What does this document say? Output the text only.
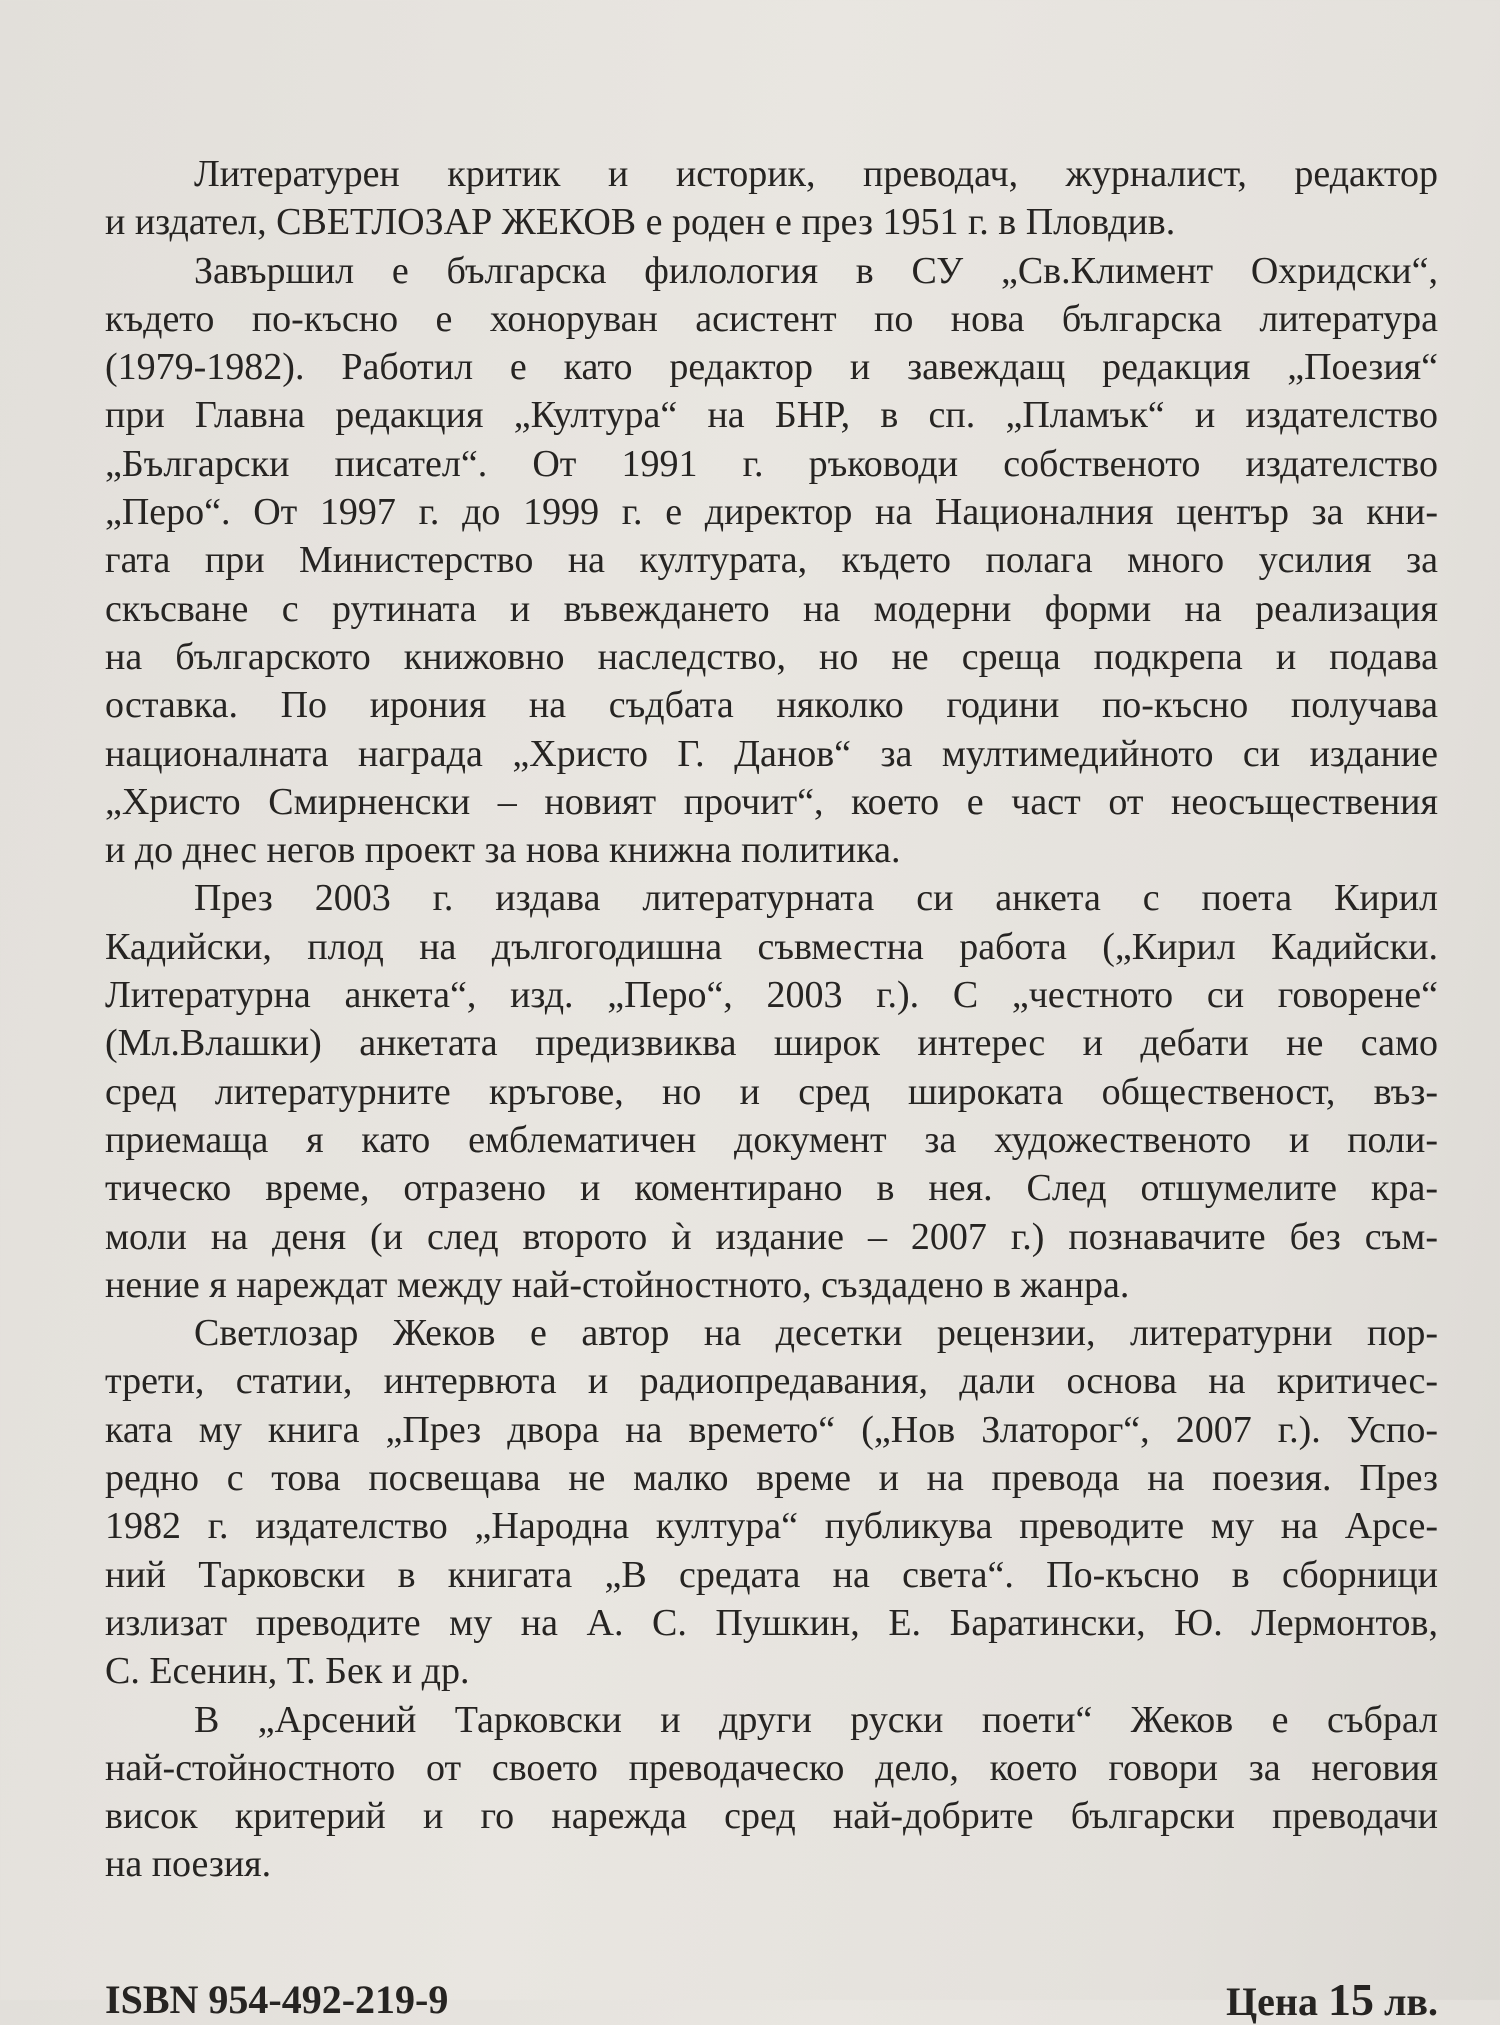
Литературен критик и историк, преводач, журналист, редактор
и издател, СВЕТЛОЗАР ЖЕКОВ е роден е през 1951 г. в Пловдив.
Завършил е българска филология в СУ „Св.Климент Охридски“,
където по-късно е хоноруван асистент по нова българска литература
(1979-1982). Работил е като редактор и завеждащ редакция „Поезия“
при Главна редакция „Култура“ на БНР, в сп. „Пламък“ и издателство
„Български писател“. От 1991 г. ръководи собственото издателство
„Перо“. От 1997 г. до 1999 г. е директор на Националния център за кни-
гата при Министерство на културата, където полага много усилия за
скъсване с рутината и въвеждането на модерни форми на реализация
на българското книжовно наследство, но не среща подкрепа и подава
оставка. По ирония на съдбата няколко години по-късно получава
националната награда „Христо Г. Данов“ за мултимедийното си издание
„Христо Смирненски – новият прочит“, което е част от неосъществения
и до днес негов проект за нова книжна политика.
През 2003 г. издава литературната си анкета с поета Кирил
Кадийски, плод на дългогодишна съвместна работа („Кирил Кадийски.
Литературна анкета“, изд. „Перо“, 2003 г.). С „честното си говорене“
(Мл.Влашки) анкетата предизвиква широк интерес и дебати не само
сред литературните кръгове, но и сред широката общественост, въз-
приемаща я като емблематичен документ за художественото и поли-
тическо време, отразено и коментирано в нея. След отшумелите кра-
моли на деня (и след второто ѝ издание – 2007 г.) познавачите без съм-
нение я нареждат между най-стойностното, създадено в жанра.
Светлозар Жеков е автор на десетки рецензии, литературни пор-
трети, статии, интервюта и радиопредавания, дали основа на критичес-
ката му книга „През двора на времето“ („Нов Златорог“, 2007 г.). Успо-
редно с това посвещава не малко време и на превода на поезия. През
1982 г. издателство „Народна култура“ публикува преводите му на Арсе-
ний Тарковски в книгата „В средата на света“. По-късно в сборници
излизат преводите му на А. С. Пушкин, Е. Баратински, Ю. Лермонтов,
С. Есенин, Т. Бек и др.
В „Арсений Тарковски и други руски поети“ Жеков е събрал
най-стойностното от своето преводаческо дело, което говори за неговия
висок критерий и го нарежда сред най-добрите български преводачи
на поезия.
ISBN 954-492-219-9	Цена 15 лв.
